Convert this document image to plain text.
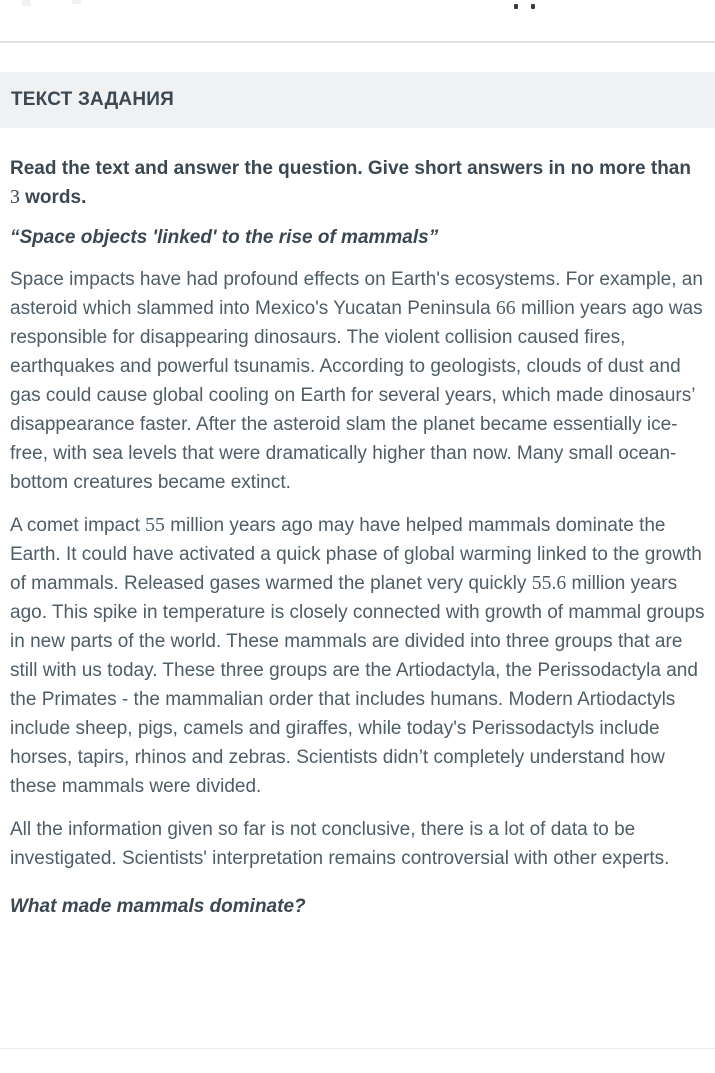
ТЕКСТ ЗАДАНИЯ

Read the text and answer the question. Give short answers in no more than 3 words.

“Space objects 'linked' to the rise of mammals”

Space impacts have had profound effects on Earth's ecosystems. For example, an asteroid which slammed into Mexico's Yucatan Peninsula 66 million years ago was responsible for disappearing dinosaurs. The violent collision caused fires, earthquakes and powerful tsunamis. According to geologists, clouds of dust and gas could cause global cooling on Earth for several years, which made dinosaurs’ disappearance faster. After the asteroid slam the planet became essentially ice-free, with sea levels that were dramatically higher than now. Many small ocean-bottom creatures became extinct.

A comet impact 55 million years ago may have helped mammals dominate the Earth. It could have activated a quick phase of global warming linked to the growth of mammals. Released gases warmed the planet very quickly 55.6 million years ago. This spike in temperature is closely connected with growth of mammal groups in new parts of the world. These mammals are divided into three groups that are still with us today. These three groups are the Artiodactyla, the Perissodactyla and the Primates - the mammalian order that includes humans. Modern Artiodactyls include sheep, pigs, camels and giraffes, while today's Perissodactyls include horses, tapirs, rhinos and zebras. Scientists didn’t completely understand how these mammals were divided.

All the information given so far is not conclusive, there is a lot of data to be investigated. Scientists' interpretation remains controversial with other experts.

What made mammals dominate?
